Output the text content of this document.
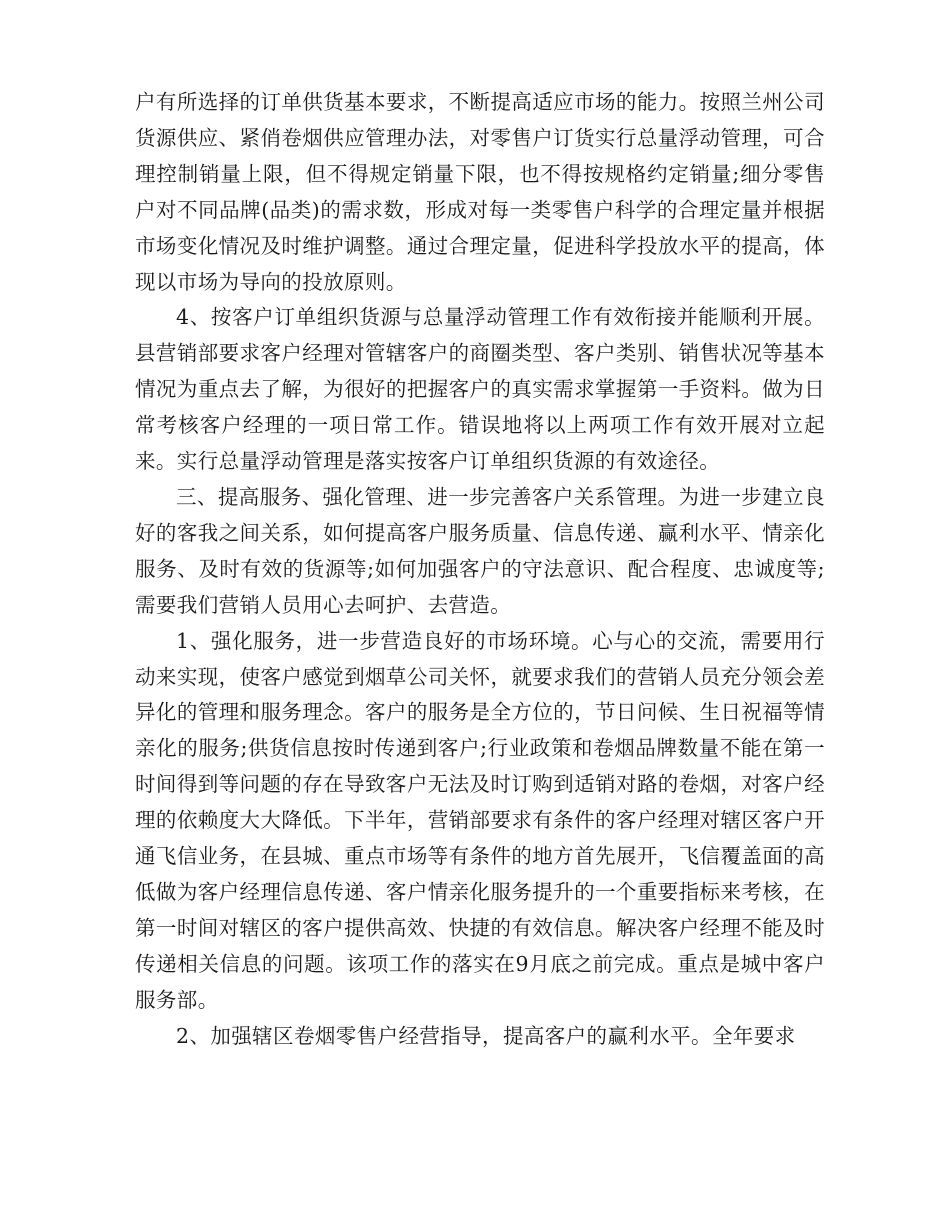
户有所选择的订单供货基本要求，不断提高适应市场的能力。按照兰州公司货源供应、紧俏卷烟供应管理办法，对零售户订货实行总量浮动管理，可合理控制销量上限，但不得规定销量下限，也不得按规格约定销量;细分零售户对不同品牌(品类)的需求数，形成对每一类零售户科学的合理定量并根据市场变化情况及时维护调整。通过合理定量，促进科学投放水平的提高，体现以市场为导向的投放原则。

4、按客户订单组织货源与总量浮动管理工作有效衔接并能顺利开展。县营销部要求客户经理对管辖客户的商圈类型、客户类别、销售状况等基本情况为重点去了解，为很好的把握客户的真实需求掌握第一手资料。做为日常考核客户经理的一项日常工作。错误地将以上两项工作有效开展对立起来。实行总量浮动管理是落实按客户订单组织货源的有效途径。

三、提高服务、强化管理、进一步完善客户关系管理。为进一步建立良好的客我之间关系，如何提高客户服务质量、信息传递、赢利水平、情亲化服务、及时有效的货源等;如何加强客户的守法意识、配合程度、忠诚度等;需要我们营销人员用心去呵护、去营造。

1、强化服务，进一步营造良好的市场环境。心与心的交流，需要用行动来实现，使客户感觉到烟草公司关怀，就要求我们的营销人员充分领会差异化的管理和服务理念。客户的服务是全方位的，节日问候、生日祝福等情亲化的服务;供货信息按时传递到客户;行业政策和卷烟品牌数量不能在第一时间得到等问题的存在导致客户无法及时订购到适销对路的卷烟，对客户经理的依赖度大大降低。下半年，营销部要求有条件的客户经理对辖区客户开通飞信业务，在县城、重点市场等有条件的地方首先展开，飞信覆盖面的高低做为客户经理信息传递、客户情亲化服务提升的一个重要指标来考核，在第一时间对辖区的客户提供高效、快捷的有效信息。解决客户经理不能及时传递相关信息的问题。该项工作的落实在9月底之前完成。重点是城中客户服务部。

2、加强辖区卷烟零售户经营指导，提高客户的赢利水平。全年要求
